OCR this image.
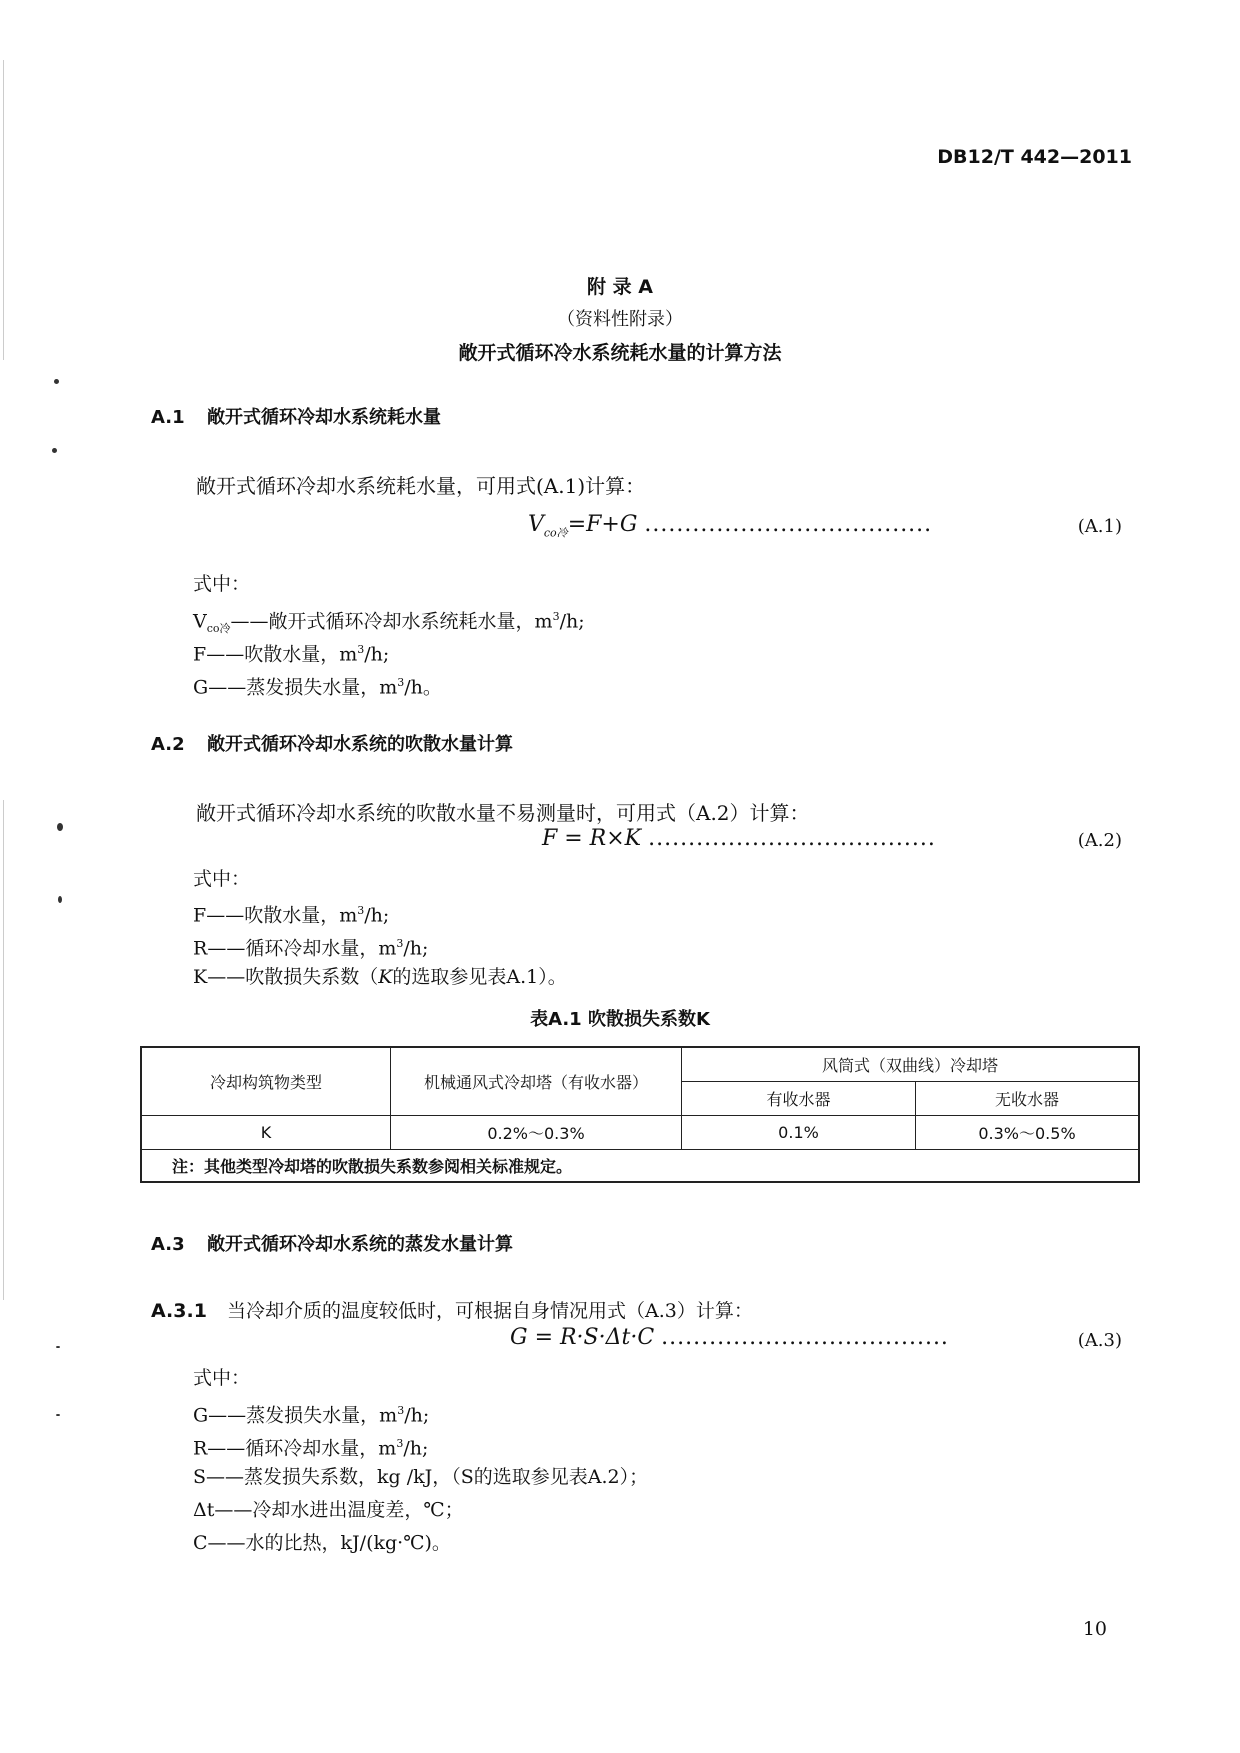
DB12/T 442—2011
附 录 A
（资料性附录）
敞开式循环冷水系统耗水量的计算方法
A.1 敞开式循环冷却水系统耗水量
敞开式循环冷却水系统耗水量，可用式(A.1)计算：
$V_{co冷}=F+G$ ....................................	(A.1)
式中：
$V_{co冷}——$敞开式循环冷却水系统耗水量，$m^3/h$;
F——吹散水量，$m^3/h$;
G——蒸发损失水量，$m^3/h$。
A.2 敞开式循环冷却水系统的吹散水量计算
敞开式循环冷却水系统的吹散水量不易测量时，可用式（A.2）计算：
F = R×K ....................................	(A.2)
式中：
F——吹散水量，$m^3/h$;
R——循环冷却水量，$m^3/h$;
K——吹散损失系数（K的选取参见表A.1）。
表A.1 吹散损失系数K
冷却构筑物类型	机械通风式冷却塔（有收水器）	风筒式（双曲线）冷却塔	
		有收水器	无收水器
K	0.2%～0.3%	0.1%	0.3%～0.5%
注：其他类型冷却塔的吹散损失系数参阅相关标准规定。			
A.3 敞开式循环冷却水系统的蒸发水量计算
A.3.1 当冷却介质的温度较低时，可根据自身情况用式（A.3）计算：
G = R·S·Δt·C ....................................	(A.3)
式中：
G——蒸发损失水量，$m^3/h$;
R——循环冷却水量，$m^3/h$;
S——蒸发损失系数，kg /kJ，（S的选取参见表A.2）；
Δt——冷却水进出温度差，℃；
C——水的比热，kJ/(kg·℃)。
10
